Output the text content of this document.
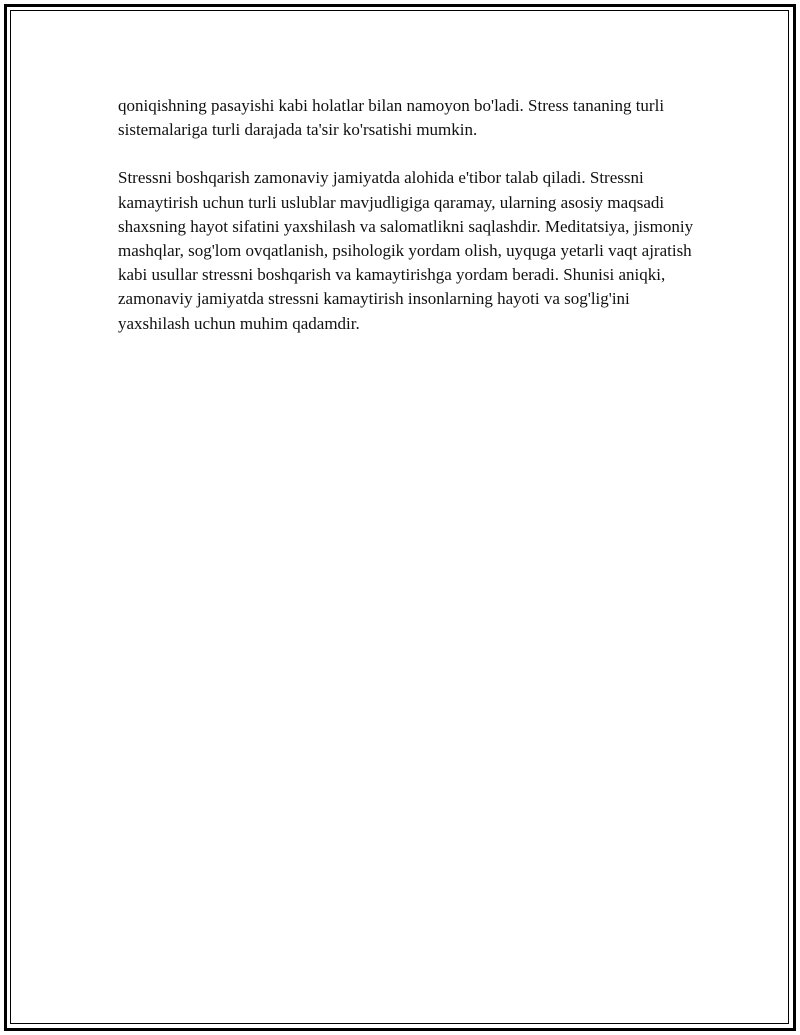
qoniqishning pasayishi kabi holatlar bilan namoyon bo'ladi. Stress tananing turli sistemalariga turli darajada ta'sir ko'rsatishi mumkin.

Stressni boshqarish zamonaviy jamiyatda alohida e'tibor talab qiladi. Stressni kamaytirish uchun turli uslublar mavjudligiga qaramay, ularning asosiy maqsadi shaxsning hayot sifatini yaxshilash va salomatlikni saqlashdir. Meditatsiya, jismoniy mashqlar, sog'lom ovqatlanish, psihologik yordam olish, uyquga yetarli vaqt ajratish kabi usullar stressni boshqarish va kamaytirishga yordam beradi. Shunisi aniqki, zamonaviy jamiyatda stressni kamaytirish insonlarning hayoti va sog'lig'ini yaxshilash uchun muhim qadamdir.
